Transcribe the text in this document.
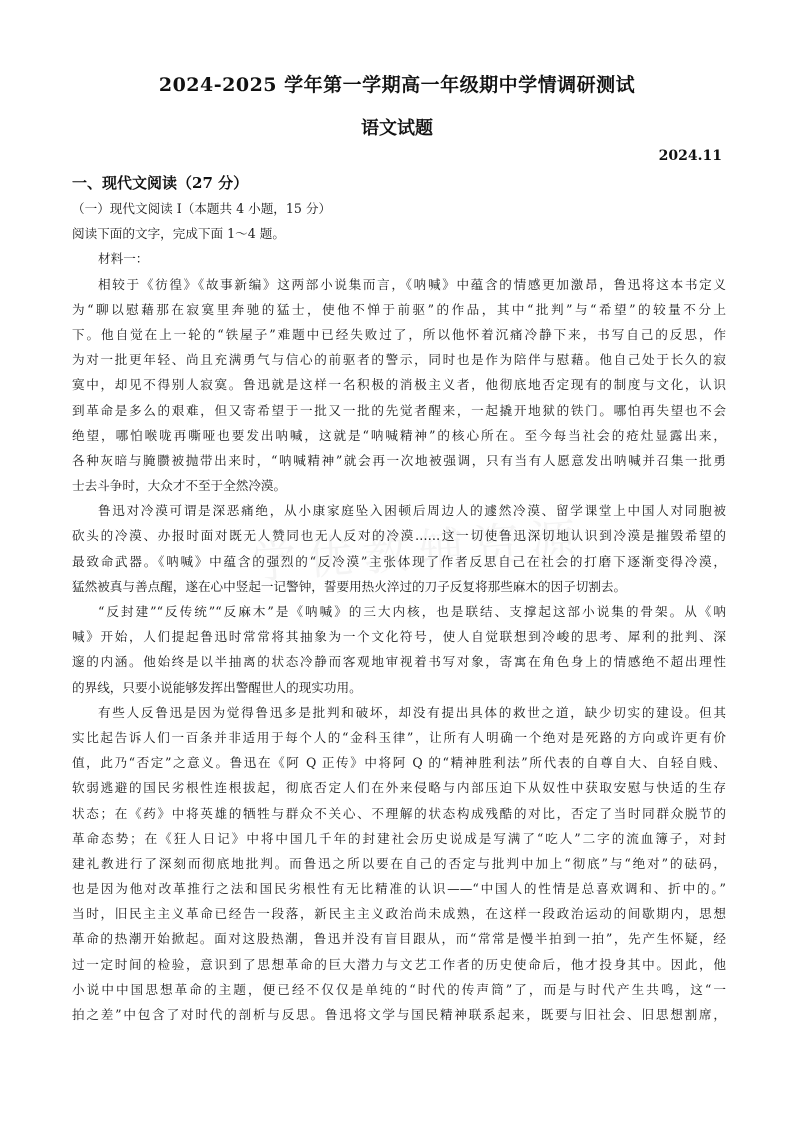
2024-2025 学年第一学期高一年级期中学情调研测试
语文试题
2024.11
一、现代文阅读（27 分）
（一）现代文阅读 I（本题共 4 小题，15 分）
阅读下面的文字，完成下面 1～4 题。
材料一：
相较于《彷徨》《故事新编》这两部小说集而言，《呐喊》中蕴含的情感更加激昂，鲁迅将这本书定义
为“聊以慰藉那在寂寞里奔驰的猛士，使他不惮于前驱”的作品，其中“批判”与“希望”的较量不分上
下。他自觉在上一轮的“铁屋子”难题中已经失败过了，所以他怀着沉痛冷静下来，书写自己的反思，作
为对一批更年轻、尚且充满勇气与信心的前驱者的警示，同时也是作为陪伴与慰藉。他自己处于长久的寂
寞中，却见不得别人寂寞。鲁迅就是这样一名积极的消极主义者，他彻底地否定现有的制度与文化，认识
到革命是多么的艰难，但又寄希望于一批又一批的先觉者醒来，一起撬开地狱的铁门。哪怕再失望也不会
绝望，哪怕喉咙再嘶哑也要发出呐喊，这就是“呐喊精神”的核心所在。至今每当社会的疮灶显露出来，
各种灰暗与腌臜被抛带出来时，“呐喊精神”就会再一次地被强调，只有当有人愿意发出呐喊并召集一批勇
士去斗争时，大众才不至于全然冷漠。
鲁迅对冷漠可谓是深恶痛绝，从小康家庭坠入困顿后周边人的遽然冷漠、留学课堂上中国人对同胞被
砍头的冷漠、办报时面对既无人赞同也无人反对的冷漠……这一切使鲁迅深切地认识到冷漠是摧毁希望的
最致命武器。《呐喊》中蕴含的强烈的“反冷漠”主张体现了作者反思自己在社会的打磨下逐渐变得冷漠，
猛然被真与善点醒，遂在心中竖起一记警钟，誓要用热火淬过的刀子反复将那些麻木的因子切割去。
“反封建”“反传统”“反麻木”是《呐喊》的三大内核，也是联结、支撑起这部小说集的骨架。从《呐
喊》开始，人们提起鲁迅时常常将其抽象为一个文化符号，使人自觉联想到冷峻的思考、犀利的批判、深
邃的内涵。他始终是以半抽离的状态冷静而客观地审视着书写对象，寄寓在角色身上的情感绝不超出理性
的界线，只要小说能够发挥出警醒世人的现实功用。
有些人反鲁迅是因为觉得鲁迅多是批判和破坏，却没有提出具体的救世之道，缺少切实的建设。但其
实比起告诉人们一百条并非适用于每个人的“金科玉律”，让所有人明确一个绝对是死路的方向或许更有价
值，此乃“否定”之意义。鲁迅在《阿 Q 正传》中将阿 Q 的“精神胜利法”所代表的自尊自大、自轻自贱、
软弱逃避的国民劣根性连根拔起，彻底否定人们在外来侵略与内部压迫下从奴性中获取安慰与快适的生存
状态；在《药》中将英雄的牺牲与群众不关心、不理解的状态构成残酷的对比，否定了当时同群众脱节的
革命态势；在《狂人日记》中将中国几千年的封建社会历史说成是写满了“吃人”二字的流血簿子，对封
建礼教进行了深刻而彻底地批判。而鲁迅之所以要在自己的否定与批判中加上“彻底”与“绝对”的砝码，
也是因为他对改革推行之法和国民劣根性有无比精准的认识——“中国人的性情是总喜欢调和、折中的。”
当时，旧民主主义革命已经告一段落，新民主主义政治尚未成熟，在这样一段政治运动的间歇期内，思想
革命的热潮开始掀起。面对这股热潮，鲁迅并没有盲目跟从，而“常常是慢半拍到一拍”，先产生怀疑，经
过一定时间的检验，意识到了思想革命的巨大潜力与文艺工作者的历史使命后，他才投身其中。因此，他
小说中中国思想革命的主题，便已经不仅仅是单纯的“时代的传声筒”了，而是与时代产生共鸣，这“一
拍之差”中包含了对时代的剖析与反思。鲁迅将文学与国民精神联系起来，既要与旧社会、旧思想割席，
